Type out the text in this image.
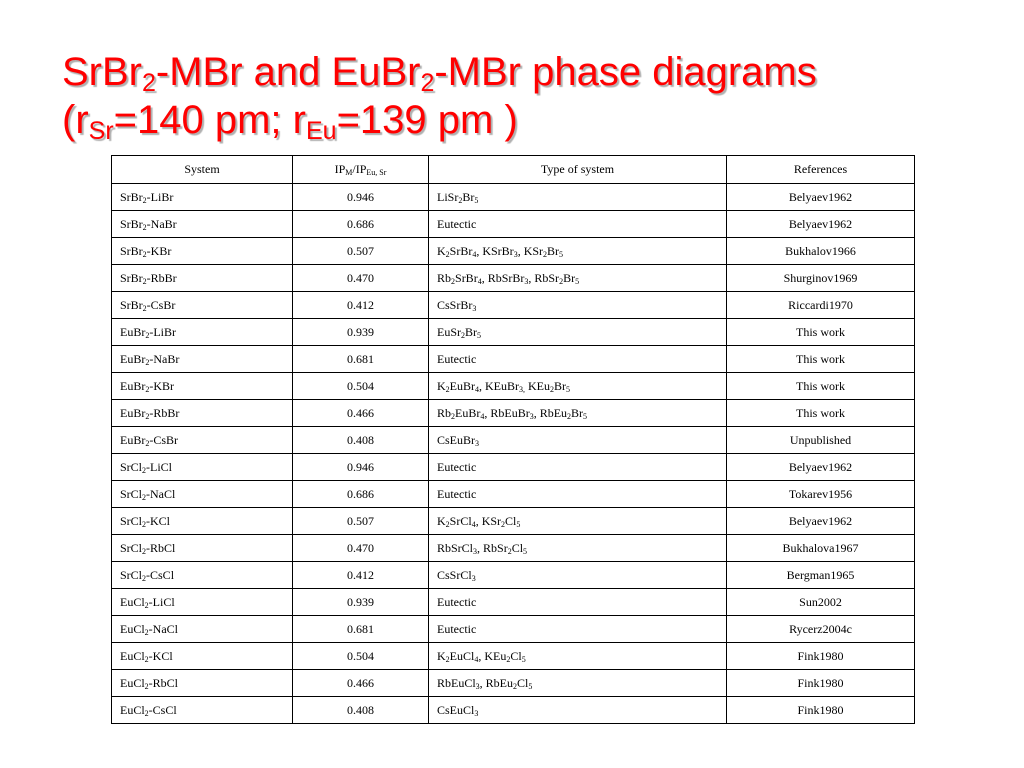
SrBr$_2$-MBr and EuBr$_2$-MBr phase diagrams
($r_{Sr}=140$ pm; $r_{Eu}=139$ pm )
System	$IP_M/IP_{Eu, Sr}$	Type of system	References
SrBr$_2$-LiBr	0.946	$LiSr_2Br_5$	Belyaev1962
SrBr$_2$-NaBr	0.686	Eutectic	Belyaev1962
SrBr$_2$-KBr	0.507	$K_2SrBr_4$, KSrBr$_3$, $KSr_2Br_5$	Bukhalov1966
SrBr$_2$-RbBr	0.470	$Rb_2SrBr_4$, RbSrBr$_3$, $RbSr_2Br_5$	Shurginov1969
SrBr$_2$-CsBr	0.412	CsSrBr$_3$	Riccardi1970
EuBr$_2$-LiBr	0.939	$EuSr_2Br_5$	This work
EuBr$_2$-NaBr	0.681	Eutectic	This work
EuBr$_2$-KBr	0.504	$K_2EuBr_4$, KEuBr$_{3,}$ $KEu_2Br_5$	This work
EuBr$_2$-RbBr	0.466	$Rb_2EuBr_4$, RbEuBr$_3$, $RbEu_2Br_5$	This work
EuBr$_2$-CsBr	0.408	CsEuBr$_3$	Unpublished
SrCl$_2$-LiCl	0.946	Eutectic	Belyaev1962
SrCl$_2$-NaCl	0.686	Eutectic	Tokarev1956
SrCl$_2$-KCl	0.507	$K_2SrCl_4$, $KSr_2Cl_5$	Belyaev1962
SrCl$_2$-RbCl	0.470	RbSrCl$_3$, $RbSr_2Cl_5$	Bukhalova1967
SrCl$_2$-CsCl	0.412	CsSrCl$_3$	Bergman1965
EuCl$_2$-LiCl	0.939	Eutectic	Sun2002
EuCl$_2$-NaCl	0.681	Eutectic	Rycerz2004c
EuCl$_2$-KCl	0.504	$K_2EuCl_4$, $KEu_2Cl_5$	Fink1980
EuCl$_2$-RbCl	0.466	RbEuCl$_3$, $RbEu_2Cl_5$	Fink1980
EuCl$_2$-CsCl	0.408	CsEuCl$_3$	Fink1980
